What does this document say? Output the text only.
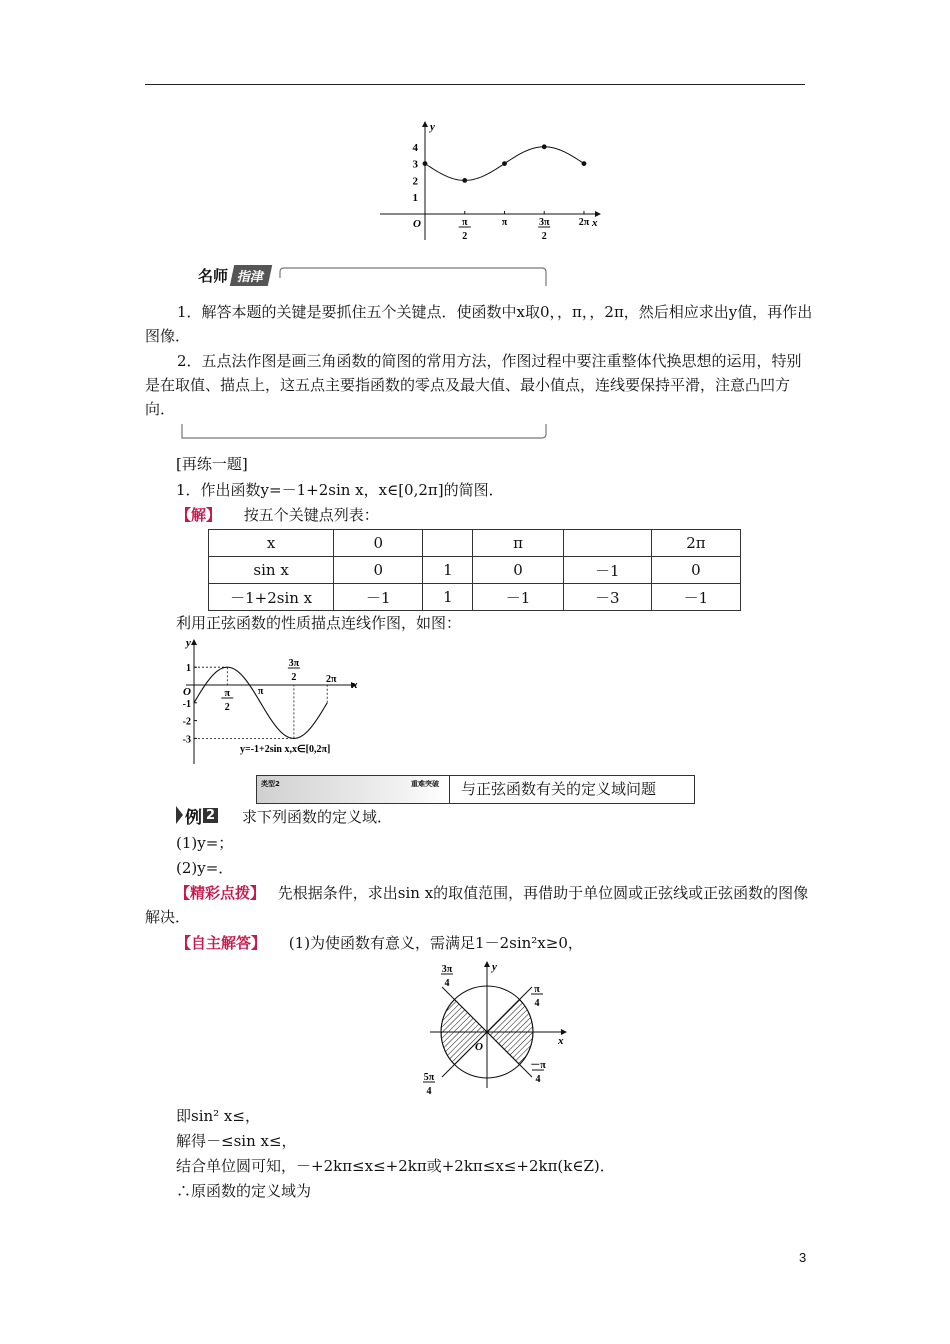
x
y
O
4
3
2
1
π
2
π	3π
2
2π
名师 指津
1．解答本题的关键是要抓住五个关键点．使函数中x取0，，π，，2π，然后相应求出y值，再作出图像．
2．五点法作图是画三角函数的简图的常用方法，作图过程中要注重整体代换思想的运用，特别是在取值、描点上，这五点主要指函数的零点及最大值、最小值点，连线要保持平滑，注意凸凹方向．
[再练一题]
1．作出函数y=－1+2sin x，x∈[0,2π]的简图．
【解】 按五个关键点列表：
x	0		π		2π
sin x	0	1	0	－1	0
－1+2sin x	－1	1	－1	－3	－1
利用正弦函数的性质描点连线作图，如图：
x
y
O
1
-1
-2
-3
π
2
π
3π
2	2π
y=-1+2sin x,x∈[0,2π]
类型2	重难突破 与正弦函数有关的定义域问题
例 2 求下列函数的定义域．
(1)y=；
(2)y=．
【精彩点拨】 先根据条件，求出sin x的取值范围，再借助于单位圆或正弦线或正弦函数的图像解决．
【自主解答】 (1)为使函数有意义，需满足1－2sin²x≥0，
x
y
O
3π
4
π
4
5π
4
－π
4
即sin² x≤，
解得－≤sin x≤，
结合单位圆可知，－+2kπ≤x≤+2kπ或+2kπ≤x≤+2kπ(k∈Z)．
∴原函数的定义域为
3
